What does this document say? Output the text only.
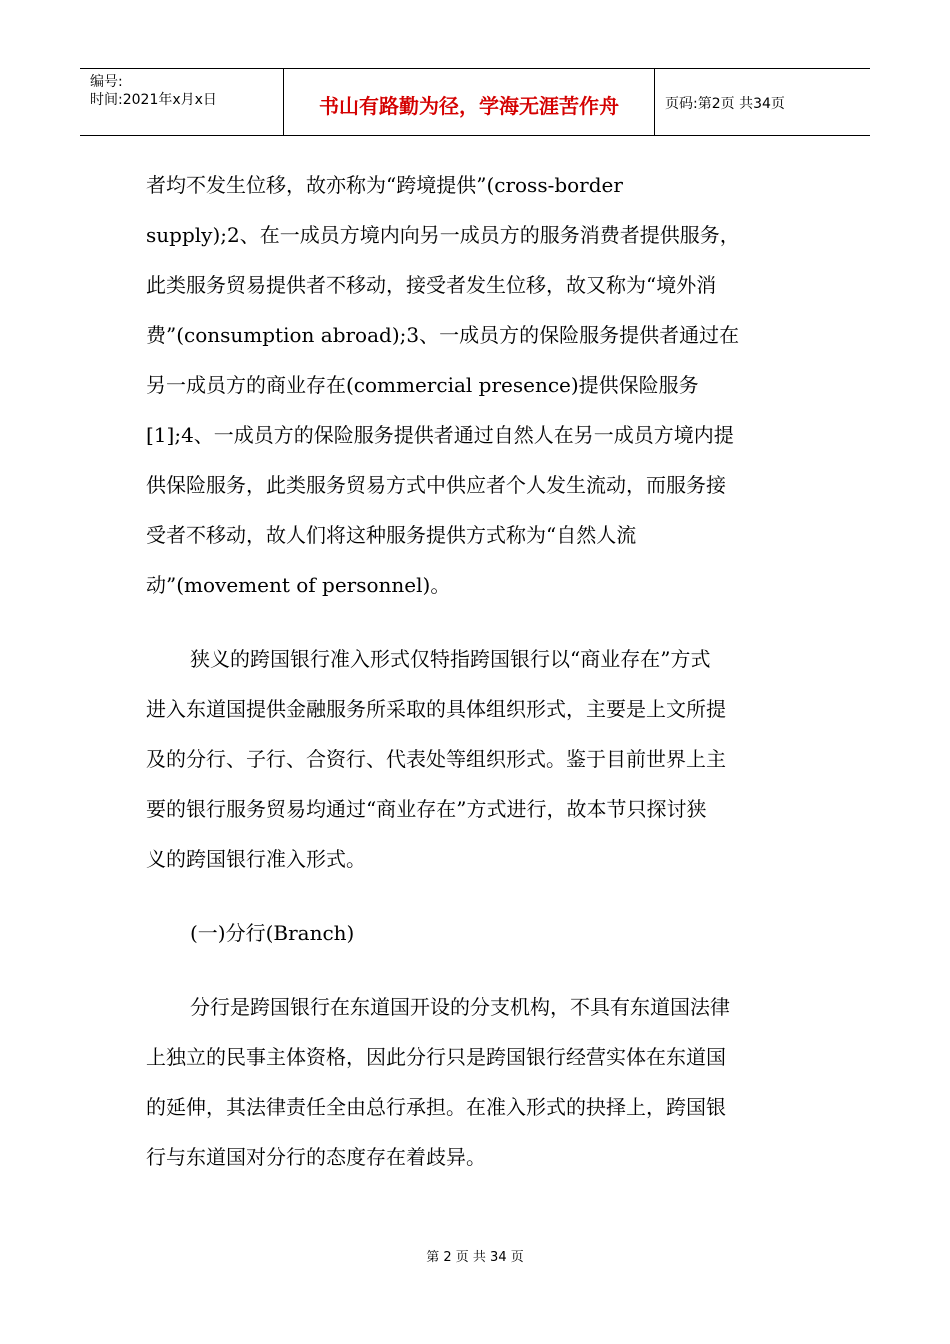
编号:
时间:2021年x月x日	书山有路勤为径，学海无涯苦作舟	页码:第2页 共34页
者均不发生位移，故亦称为“跨境提供”(cross-border
supply);2、在一成员方境内向另一成员方的服务消费者提供服务，
此类服务贸易提供者不移动，接受者发生位移，故又称为“境外消
费”(consumption abroad);3、一成员方的保险服务提供者通过在
另一成员方的商业存在(commercial presence)提供保险服务
[1];4、一成员方的保险服务提供者通过自然人在另一成员方境内提
供保险服务，此类服务贸易方式中供应者个人发生流动，而服务接
受者不移动，故人们将这种服务提供方式称为“自然人流
动”(movement of personnel)。
狭义的跨国银行准入形式仅特指跨国银行以“商业存在”方式
进入东道国提供金融服务所采取的具体组织形式，主要是上文所提
及的分行、子行、合资行、代表处等组织形式。鉴于目前世界上主
要的银行服务贸易均通过“商业存在”方式进行，故本节只探讨狭
义的跨国银行准入形式。
(一)分行(Branch)
分行是跨国银行在东道国开设的分支机构，不具有东道国法律
上独立的民事主体资格，因此分行只是跨国银行经营实体在东道国
的延伸，其法律责任全由总行承担。在准入形式的抉择上，跨国银
行与东道国对分行的态度存在着歧异。
第 2 页 共 34 页
